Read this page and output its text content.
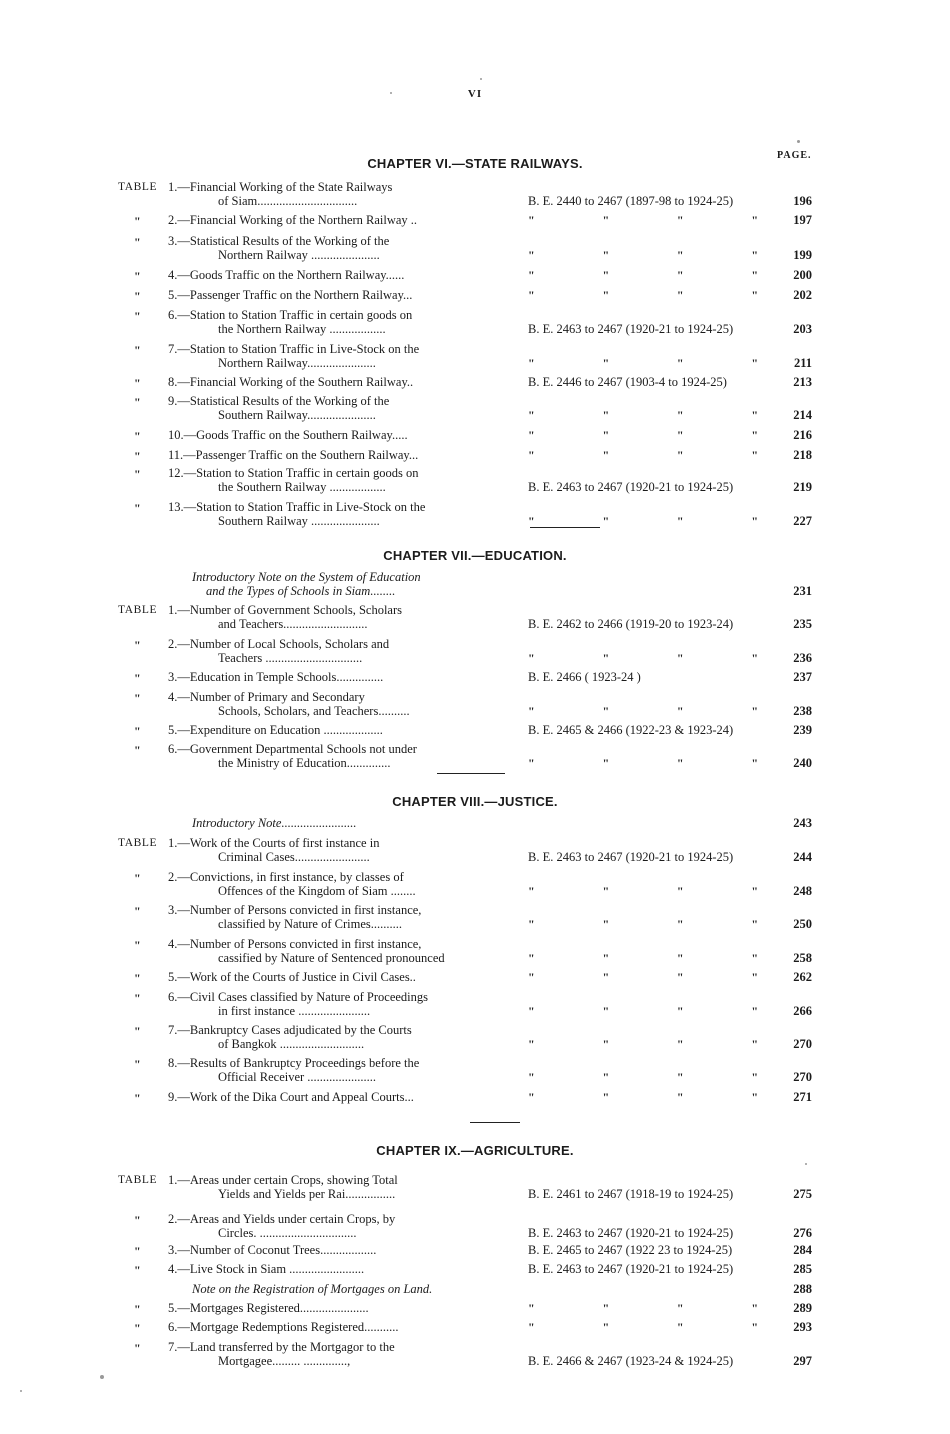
VI
PAGE.
CHAPTER VI.—STATE RAILWAYS.
TABLE 1.—Financial Working of the State Railways
of Siam................................	B. E. 2440 to 2467 (1897-98 to 1924-25)	196
" 2.—Financial Working of the Northern Railway ..	"	"	"	"	197
" 3.—Statistical Results of the Working of the
Northern Railway ......................	"	"	"	"	199
" 4.—Goods Traffic on the Northern Railway......	"	"	"	"	200
" 5.—Passenger Traffic on the Northern Railway...	"	"	"	"	202
" 6.—Station to Station Traffic in certain goods on
the Northern Railway ..................	B. E. 2463 to 2467 (1920-21 to 1924-25)	203
" 7.—Station to Station Traffic in Live-Stock on the
Northern Railway......................	"	"	"	"	211
" 8.—Financial Working of the Southern Railway..	B. E. 2446 to 2467 (1903-4 to 1924-25)	213
" 9.—Statistical Results of the Working of the
Southern Railway......................	"	"	"	"	214
" 10.—Goods Traffic on the Southern Railway.....	"	"	"	"	216
" 11.—Passenger Traffic on the Southern Railway...	"	"	"	"	218
" 12.—Station to Station Traffic in certain goods on
the Southern Railway ..................	B. E. 2463 to 2467 (1920-21 to 1924-25)	219
" 13.—Station to Station Traffic in Live-Stock on the
Southern Railway ......................	"	"	"	"	227
CHAPTER VII.—EDUCATION.
Introductory Note on the System of Education
and the Types of Schools in Siam........	231
TABLE 1.—Number of Government Schools, Scholars
and Teachers...........................	B. E. 2462 to 2466 (1919-20 to 1923-24)	235
" 2.—Number of Local Schools, Scholars and
Teachers ...............................	"	"	"	"	236
" 3.—Education in Temple Schools...............	B. E. 2466 ( 1923-24 )	237
" 4.—Number of Primary and Secondary
Schools, Scholars, and Teachers..........	"	"	"	"	238
" 5.—Expenditure on Education ...................	B. E. 2465 & 2466 (1922-23 & 1923-24)	239
" 6.—Government Departmental Schools not under
the Ministry of Education..............	"	"	"	"	240
CHAPTER VIII.—JUSTICE.
Introductory Note........................	243
TABLE 1.—Work of the Courts of first instance in
Criminal Cases........................	B. E. 2463 to 2467 (1920-21 to 1924-25)	244
" 2.—Convictions, in first instance, by classes of
Offences of the Kingdom of Siam ........	"	"	"	"	248
" 3.—Number of Persons convicted in first instance,
classified by Nature of Crimes..........	"	"	"	"	250
" 4.—Number of Persons convicted in first instance,
cassified by Nature of Sentenced pronounced	"	"	"	"	258
" 5.—Work of the Courts of Justice in Civil Cases..	"	"	"	"	262
" 6.—Civil Cases classified by Nature of Proceedings
in first instance .......................	"	"	"	"	266
" 7.—Bankruptcy Cases adjudicated by the Courts
of Bangkok ...........................	"	"	"	"	270
" 8.—Results of Bankruptcy Proceedings before the
Official Receiver ......................	"	"	"	"	270
" 9.—Work of the Dika Court and Appeal Courts...	"	"	"	"	271
CHAPTER IX.—AGRICULTURE.
TABLE 1.—Areas under certain Crops, showing Total
Yields and Yields per Rai................	B. E. 2461 to 2467 (1918-19 to 1924-25)	275
" 2.—Areas and Yields under certain Crops, by
Circles. ...............................	B. E. 2463 to 2467 (1920-21 to 1924-25)	276
" 3.—Number of Coconut Trees..................	B. E. 2465 to 2467 (1922 23 to 1924-25)	284
" 4.—Live Stock in Siam ........................	B. E. 2463 to 2467 (1920-21 to 1924-25)	285
Note on the Registration of Mortgages on Land.	288
" 5.—Mortgages Registered......................	"	"	"	"	289
" 6.—Mortgage Redemptions Registered...........	"	"	"	"	293
" 7.—Land transferred by the Mortgagor to the
Mortgagee......... ..............,	B. E. 2466 & 2467 (1923-24 & 1924-25)	297
